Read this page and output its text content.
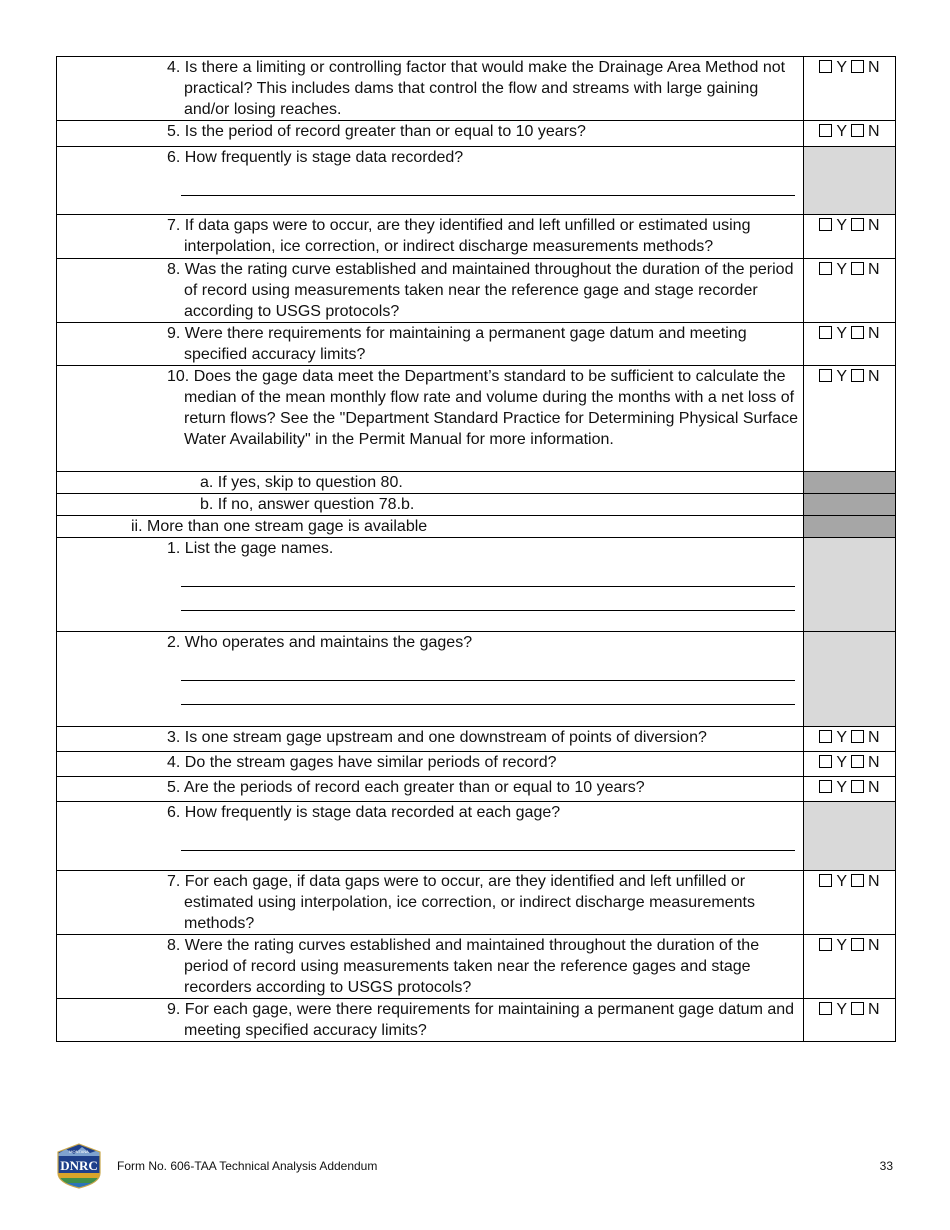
4. Is there a limiting or controlling factor that would make the Drainage Area Method not practical? This includes dams that control the flow and streams with large gaining and/or losing reaches.	Y N

5. Is the period of record greater than or equal to 10 years?	Y N

6. How frequently is stage data recorded?	

7. If data gaps were to occur, are they identified and left unfilled or estimated using interpolation, ice correction, or indirect discharge measurements methods?	Y N

8. Was the rating curve established and maintained throughout the duration of the period of record using measurements taken near the reference gage and stage recorder according to USGS protocols?	Y N

9. Were there requirements for maintaining a permanent gage datum and meeting specified accuracy limits?	Y N

10. Does the gage data meet the Department’s standard to be sufficient to calculate the median of the mean monthly flow rate and volume during the months with a net loss of return flows? See the "Department Standard Practice for Determining Physical Surface Water Availability" in the Permit Manual for more information.	Y N

a. If yes, skip to question 80.	

b. If no, answer question 78.b.	

ii. More than one stream gage is available	

1. List the gage names.	

2. Who operates and maintains the gages?	

3. Is one stream gage upstream and one downstream of points of diversion?	Y N

4. Do the stream gages have similar periods of record?	Y N

5. Are the periods of record each greater than or equal to 10 years?	Y N

6. How frequently is stage data recorded at each gage?	

7. For each gage, if data gaps were to occur, are they identified and left unfilled or estimated using interpolation, ice correction, or indirect discharge measurements methods?	Y N

8. Were the rating curves established and maintained throughout the duration of the period of record using measurements taken near the reference gages and stage recorders according to USGS protocols?	Y N

9. For each gage, were there requirements for maintaining a permanent gage datum and meeting specified accuracy limits?	Y N
MONTANA
DNRC Form No. 606-TAA Technical Analysis Addendum	33
